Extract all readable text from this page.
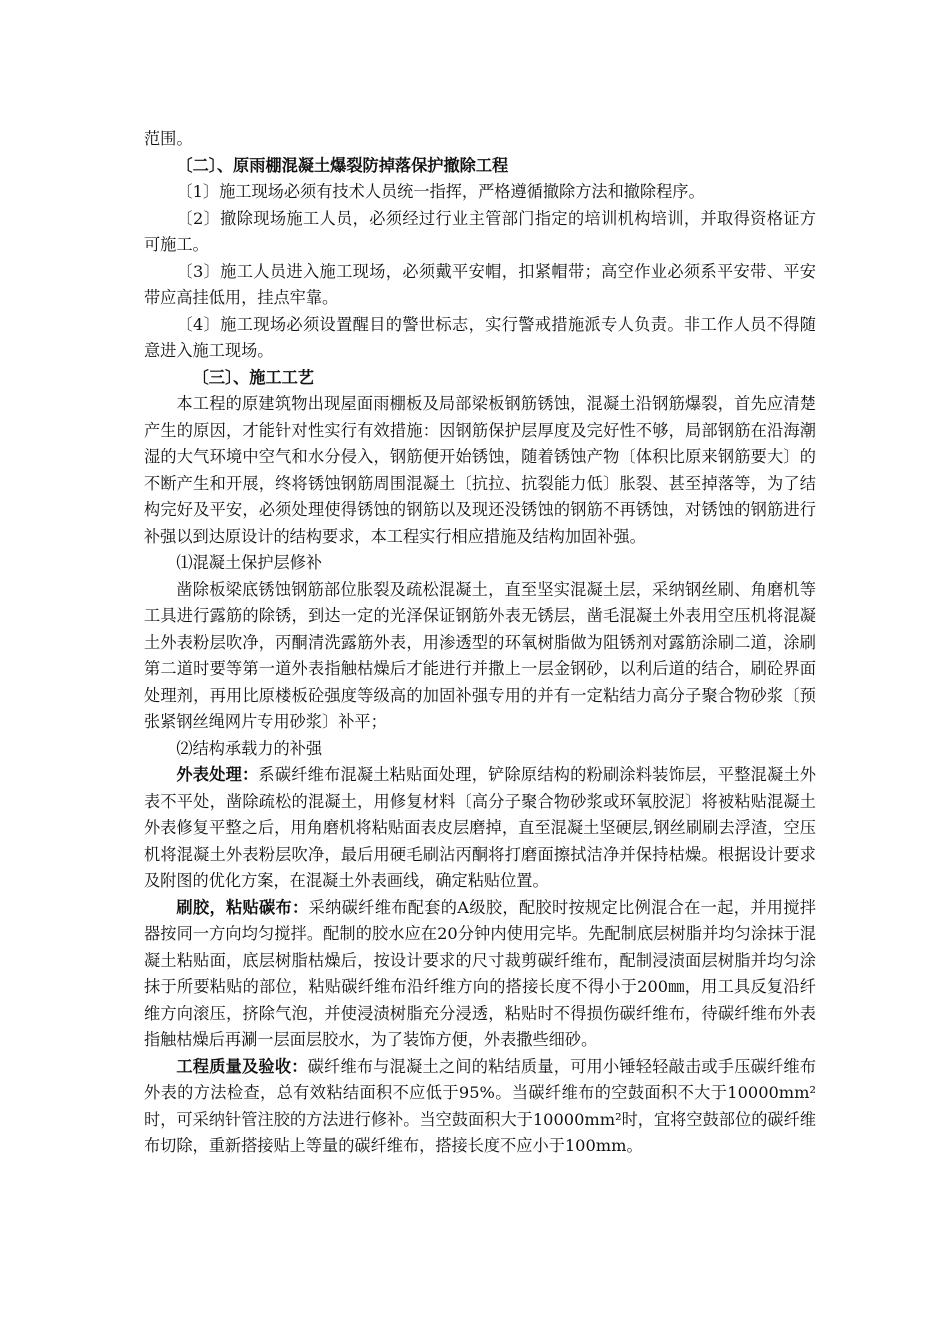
范围。

〔二〕、原雨棚混凝土爆裂防掉落保护撤除工程

〔1〕施工现场必须有技术人员统一指挥，严格遵循撤除方法和撤除程序。

〔2〕撤除现场施工人员，必须经过行业主管部门指定的培训机构培训，并取得资格证方可施工。

〔3〕施工人员进入施工现场，必须戴平安帽，扣紧帽带；高空作业必须系平安带、平安带应高挂低用，挂点牢靠。

〔4〕施工现场必须设置醒目的警世标志，实行警戒措施派专人负责。非工作人员不得随意进入施工现场。

〔三〕、施工工艺

本工程的原建筑物出现屋面雨棚板及局部梁板钢筋锈蚀，混凝土沿钢筋爆裂，首先应清楚产生的原因，才能针对性实行有效措施：因钢筋保护层厚度及完好性不够，局部钢筋在沿海潮湿的大气环境中空气和水分侵入，钢筋便开始锈蚀，随着锈蚀产物〔体积比原来钢筋要大〕的不断产生和开展，终将锈蚀钢筋周围混凝土〔抗拉、抗裂能力低〕胀裂、甚至掉落等，为了结构完好及平安，必须处理使得锈蚀的钢筋以及现还没锈蚀的钢筋不再锈蚀，对锈蚀的钢筋进行补强以到达原设计的结构要求，本工程实行相应措施及结构加固补强。

⑴混凝土保护层修补

凿除板梁底锈蚀钢筋部位胀裂及疏松混凝土，直至坚实混凝土层，采纳钢丝刷、角磨机等工具进行露筋的除锈，到达一定的光泽保证钢筋外表无锈层，凿毛混凝土外表用空压机将混凝土外表粉层吹净，丙酮清洗露筋外表，用渗透型的环氧树脂做为阻锈剂对露筋涂刷二道，涂刷第二道时要等第一道外表指触枯燥后才能进行并撒上一层金钢砂，以利后道的结合，刷砼界面处理剂，再用比原楼板砼强度等级高的加固补强专用的并有一定粘结力高分子聚合物砂浆〔预张紧钢丝绳网片专用砂浆〕补平；

⑵结构承载力的补强

外表处理：系碳纤维布混凝土粘贴面处理，铲除原结构的粉刷涂料装饰层，平整混凝土外表不平处，凿除疏松的混凝土，用修复材料〔高分子聚合物砂浆或环氧胶泥〕将被粘贴混凝土外表修复平整之后，用角磨机将粘贴面表皮层磨掉，直至混凝土坚硬层,钢丝刷刷去浮渣，空压机将混凝土外表粉层吹净，最后用硬毛刷沾丙酮将打磨面擦拭洁净并保持枯燥。根据设计要求及附图的优化方案，在混凝土外表画线，确定粘贴位置。

刷胶，粘贴碳布：采纳碳纤维布配套的A级胶，配胶时按规定比例混合在一起，并用搅拌器按同一方向均匀搅拌。配制的胶水应在20分钟内使用完毕。先配制底层树脂并均匀涂抹于混凝土粘贴面，底层树脂枯燥后，按设计要求的尺寸裁剪碳纤维布，配制浸渍面层树脂并均匀涂抹于所要粘贴的部位，粘贴碳纤维布沿纤维方向的搭接长度不得小于200㎜，用工具反复沿纤维方向滚压，挤除气泡，并使浸渍树脂充分浸透，粘贴时不得损伤碳纤维布，待碳纤维布外表指触枯燥后再涮一层面层胶水，为了装饰方便，外表撒些细砂。

工程质量及验收：碳纤维布与混凝土之间的粘结质量，可用小锤轻轻敲击或手压碳纤维布外表的方法检查，总有效粘结面积不应低于95%。当碳纤维布的空鼓面积不大于10000mm²时，可采纳针管注胶的方法进行修补。当空鼓面积大于10000mm²时，宜将空鼓部位的碳纤维布切除，重新搭接贴上等量的碳纤维布，搭接长度不应小于100mm。
